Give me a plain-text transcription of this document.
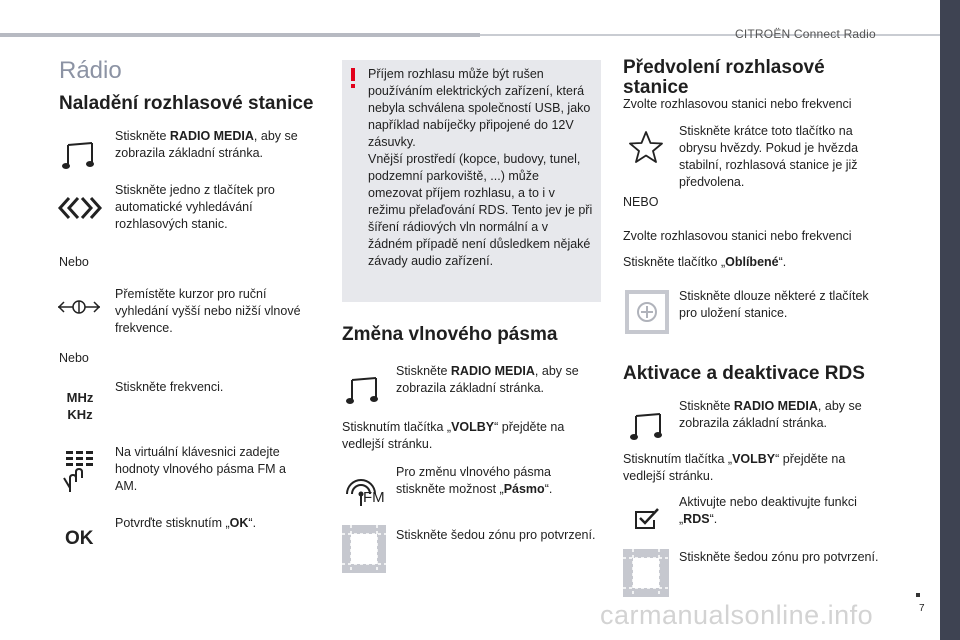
CITROËN Connect Radio
7
carmanualsonline.info
Rádio
Naladění rozhlasové stanice
Stiskněte RADIO MEDIA, aby se zobrazila základní stránka.
Stiskněte jedno z tlačítek pro automatické vyhledávání rozhlasových stanic.
Nebo
Přemístěte kurzor pro ruční vyhledání vyšší nebo nižší vlnové frekvence.
Nebo
MHz
KHz
Stiskněte frekvenci.
Na virtuální klávesnici zadejte hodnoty vlnového pásma FM a AM.
OK
Potvrďte stisknutím „OK“.
Příjem rozhlasu může být rušen používáním elektrických zařízení, která nebyla schválena společností USB, jako například nabíječky připojené do 12V zásuvky.
Vnější prostředí (kopce, budovy, tunel, podzemní parkoviště, ...) může omezovat příjem rozhlasu, a to i v režimu přelaďování RDS. Tento jev je při šíření rádiových vln normální a v žádném případě není důsledkem nějaké závady audio zařízení.
Změna vlnového pásma
Stiskněte RADIO MEDIA, aby se zobrazila základní stránka.
Stisknutím tlačítka „VOLBY“ přejděte na vedlejší stránku.
FM
Pro změnu vlnového pásma stiskněte možnost „Pásmo“.
Stiskněte šedou zónu pro potvrzení.
Předvolení rozhlasové stanice
Zvolte rozhlasovou stanici nebo frekvenci
Stiskněte krátce toto tlačítko na obrysu hvězdy. Pokud je hvězda stabilní, rozhlasová stanice je již předvolena.
NEBO
Zvolte rozhlasovou stanici nebo frekvenci
Stiskněte tlačítko „Oblíbené“.
Stiskněte dlouze některé z tlačítek pro uložení stanice.
Aktivace a deaktivace RDS
Stiskněte RADIO MEDIA, aby se zobrazila základní stránka.
Stisknutím tlačítka „VOLBY“ přejděte na vedlejší stránku.
Aktivujte nebo deaktivujte funkci „RDS“.
Stiskněte šedou zónu pro potvrzení.
